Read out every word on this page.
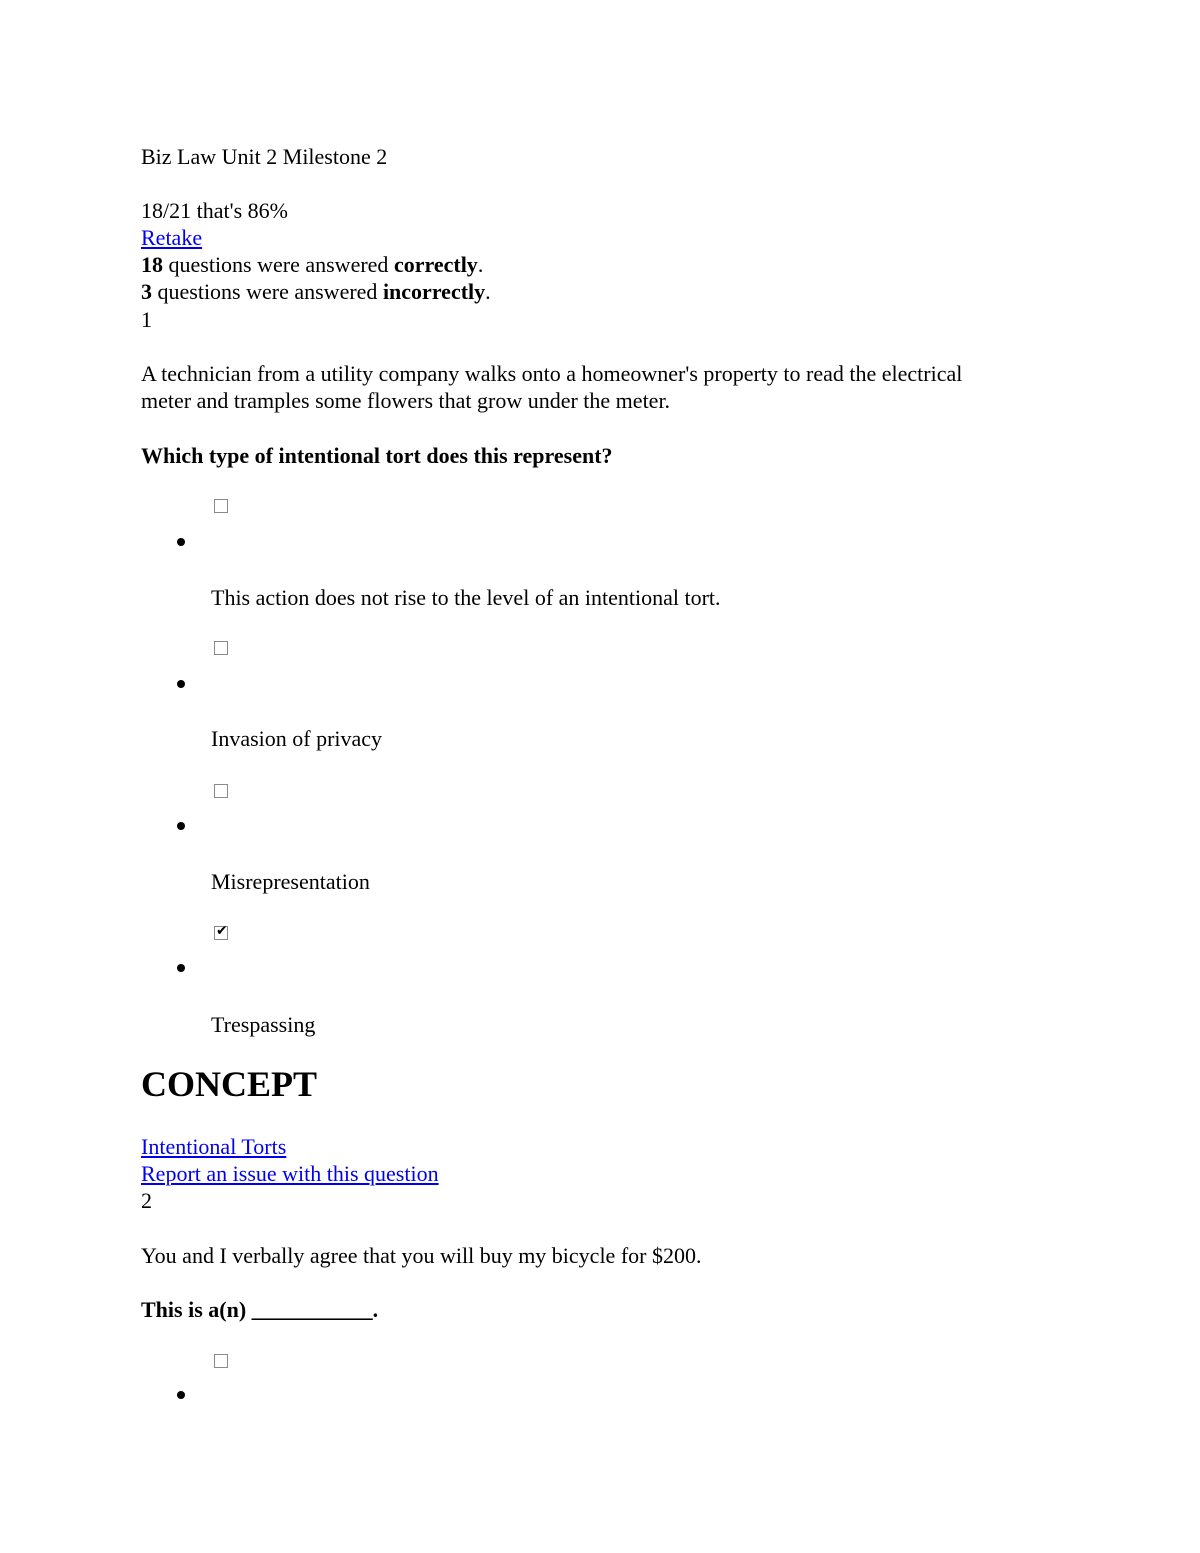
Biz Law Unit 2 Milestone 2
18/21 that's 86%
Retake
18 questions were answered correctly.
3 questions were answered incorrectly.
1
A technician from a utility company walks onto a homeowner's property to read the electrical
meter and tramples some flowers that grow under the meter.
Which type of intentional tort does this represent?
This action does not rise to the level of an intentional tort.
Invasion of privacy
Misrepresentation
✔
Trespassing
CONCEPT
Intentional Torts
Report an issue with this question
2
You and I verbally agree that you will buy my bicycle for $200.
This is a(n) ___________.
